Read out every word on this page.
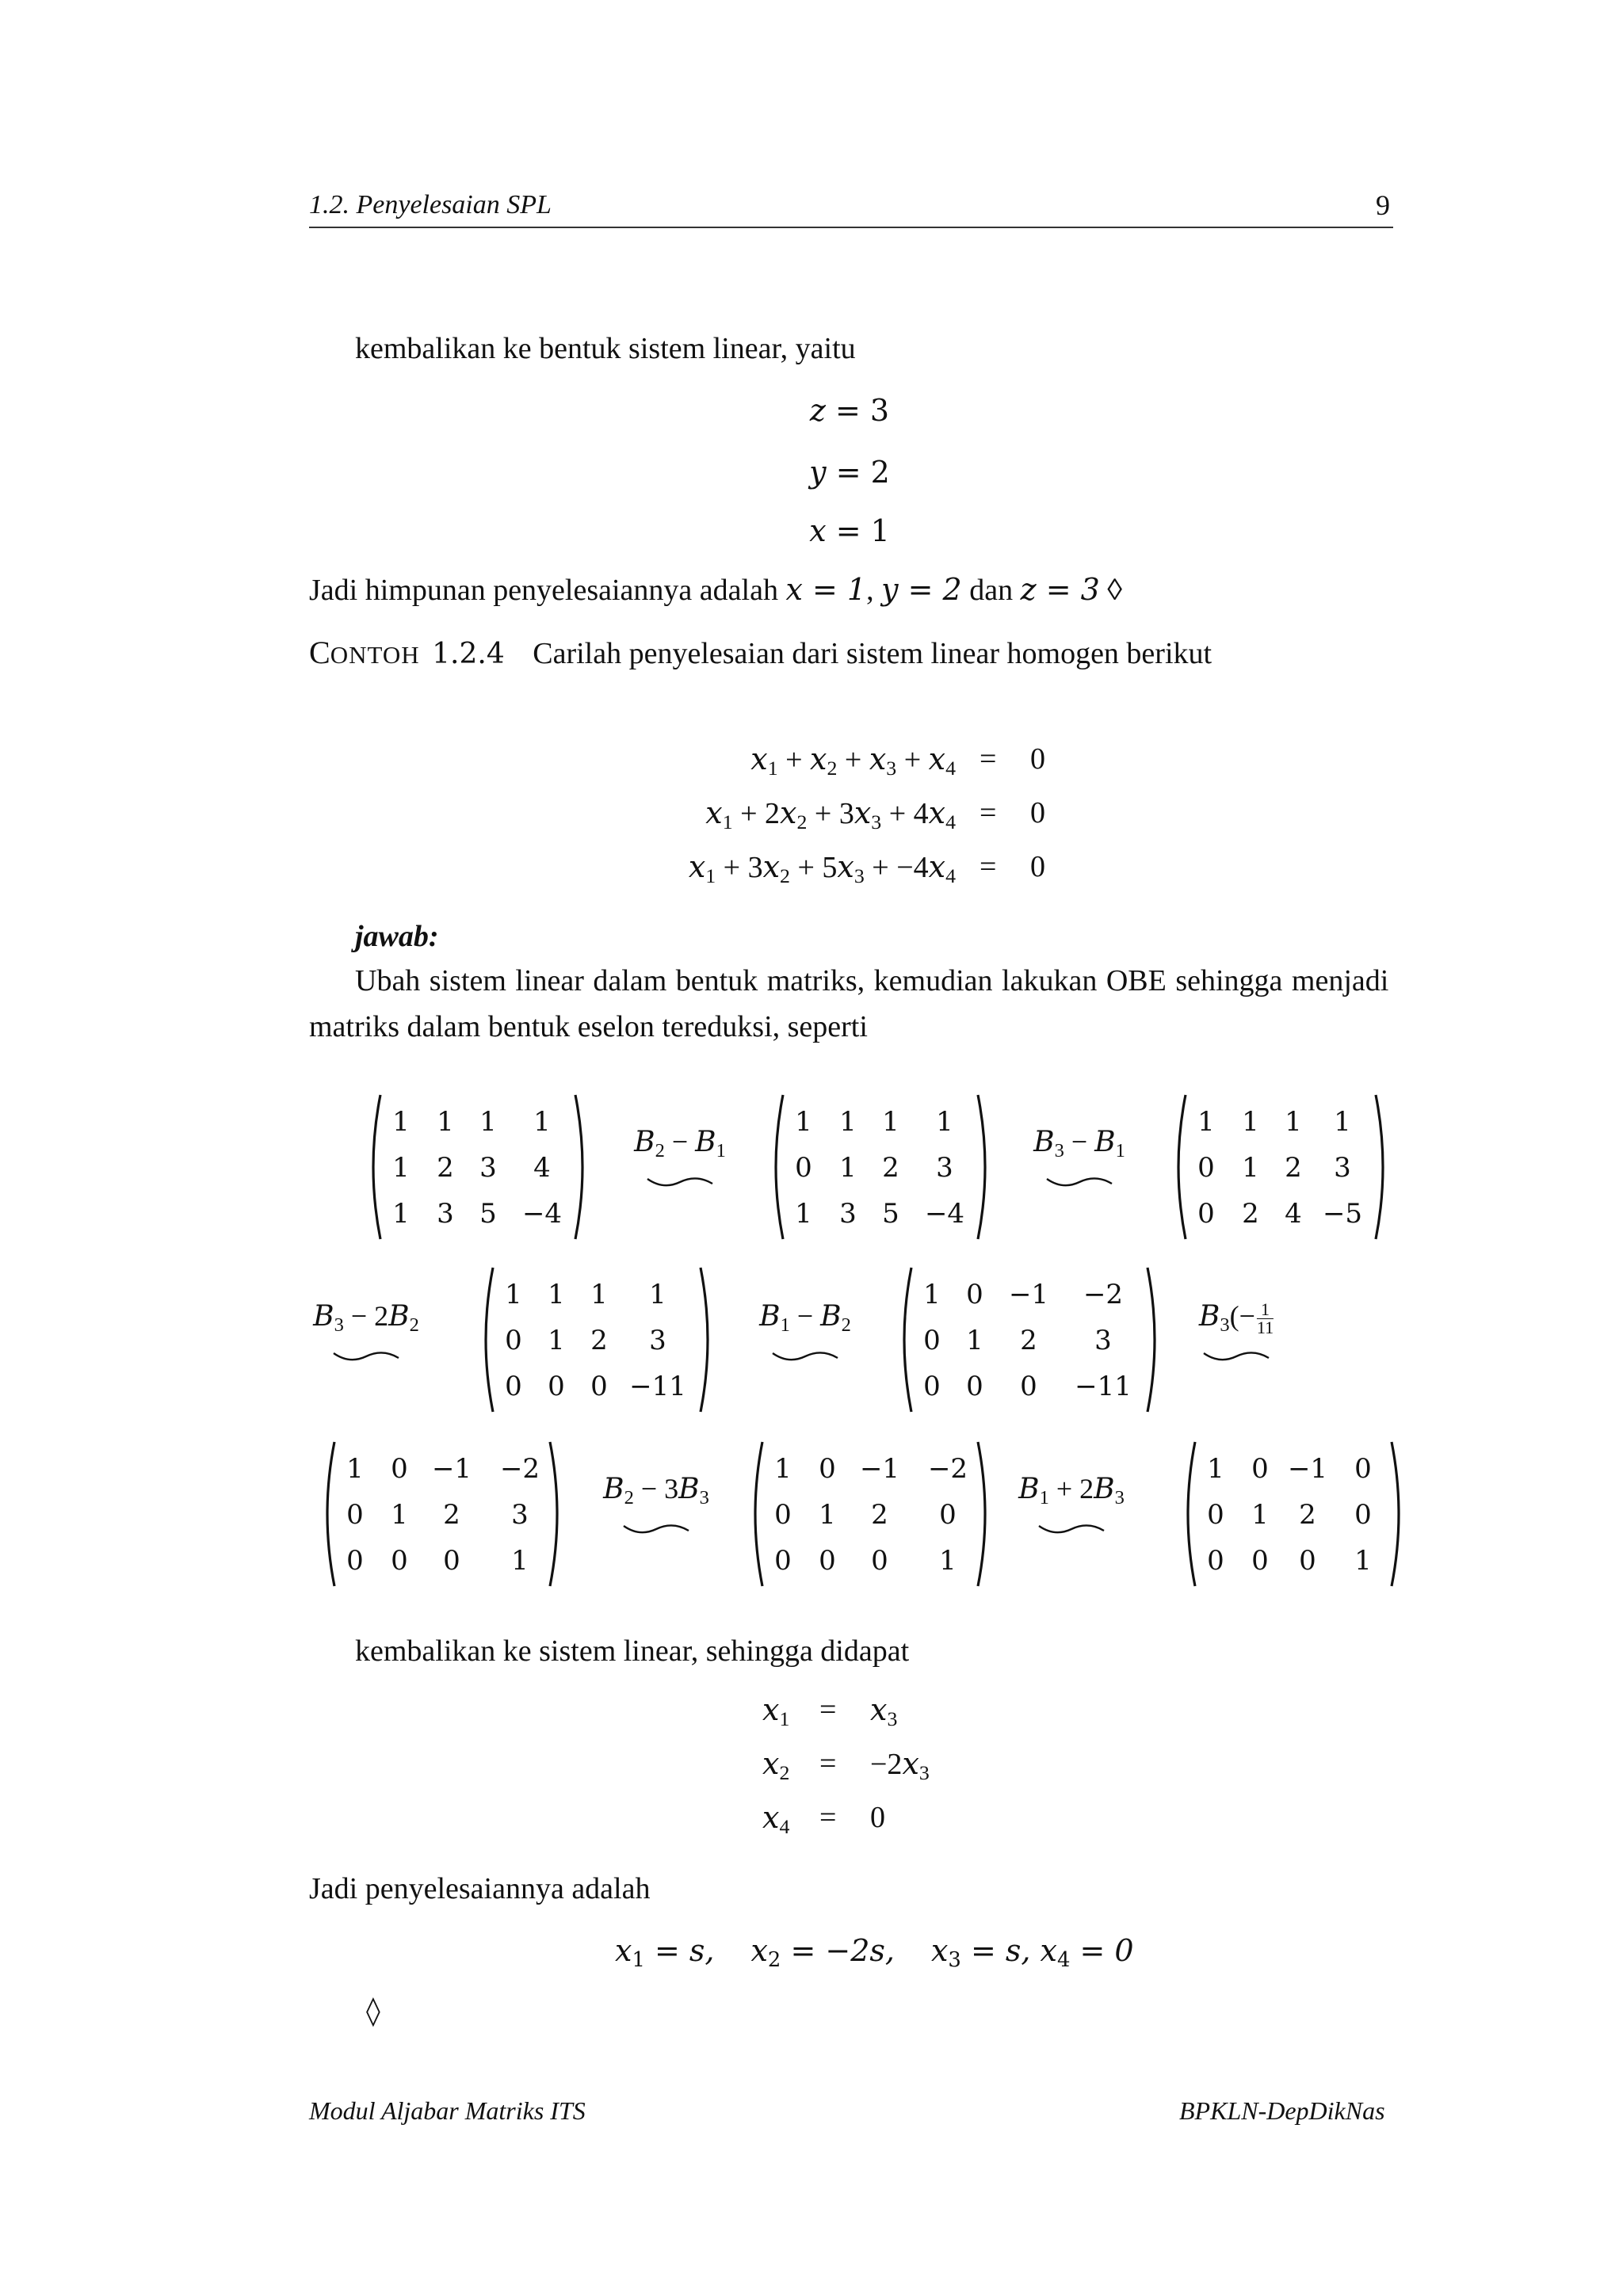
1.2. Penyelesaian SPL	9
kembalikan ke bentuk sistem linear, yaitu
z = 3
y = 2
x = 1
Jadi himpunan penyelesaiannya adalah x = 1, y = 2 dan z = 3 ◊
CONTOH 1.2.4 Carilah penyelesaian dari sistem linear homogen berikut
$x_1 + x_2 + x_3 + x_4 = 0$
$x_1 + 2x_2 + 3x_3 + 4x_4 = 0$
$x_1 + 3x_2 + 5x_3 + -4x_4 = 0$
jawab:
Ubah sistem linear dalam bentuk matriks, kemudian lakukan OBE sehingga menjadi
matriks dalam bentuk eselon tereduksi, seperti
1 1 1 1
1 2 3 4
1 3 5 −4
1 1 1 1
0 1 2 3
1 3 5 −4
1 1 1 1
0 1 2 3
0 2 4 −5
1 1 1 1
0 1 2 3
0 0 0 −11
1 0 −1 −2
0 1 2 3
0 0 0 −11
1 0 −1 −2
0 1 2 3
0 0 0 1
1 0 −1 −2
0 1 2 0
0 0 0 1
1 0 −1 0
0 1 2 0
0 0 0 1
$B_2 - B_1$	$B_3 - B_1$
$B_3 - 2B_2$	$B_1 - B_2$	$B_3(- \frac{1}{11}$
$B_2 - 3B_3$	$B_1 + 2B_3$
kembalikan ke sistem linear, sehingga didapat
$x_1 = x_3$
$x_2 = -2x_3$
$x_4 = 0$
Jadi penyelesaiannya adalah
$x_1 = s$, $x_2 = -2s$, $x_3 = s$, $x_4 = 0$
◊
Modul Aljabar Matriks ITS	BPKLN-DepDikNas
